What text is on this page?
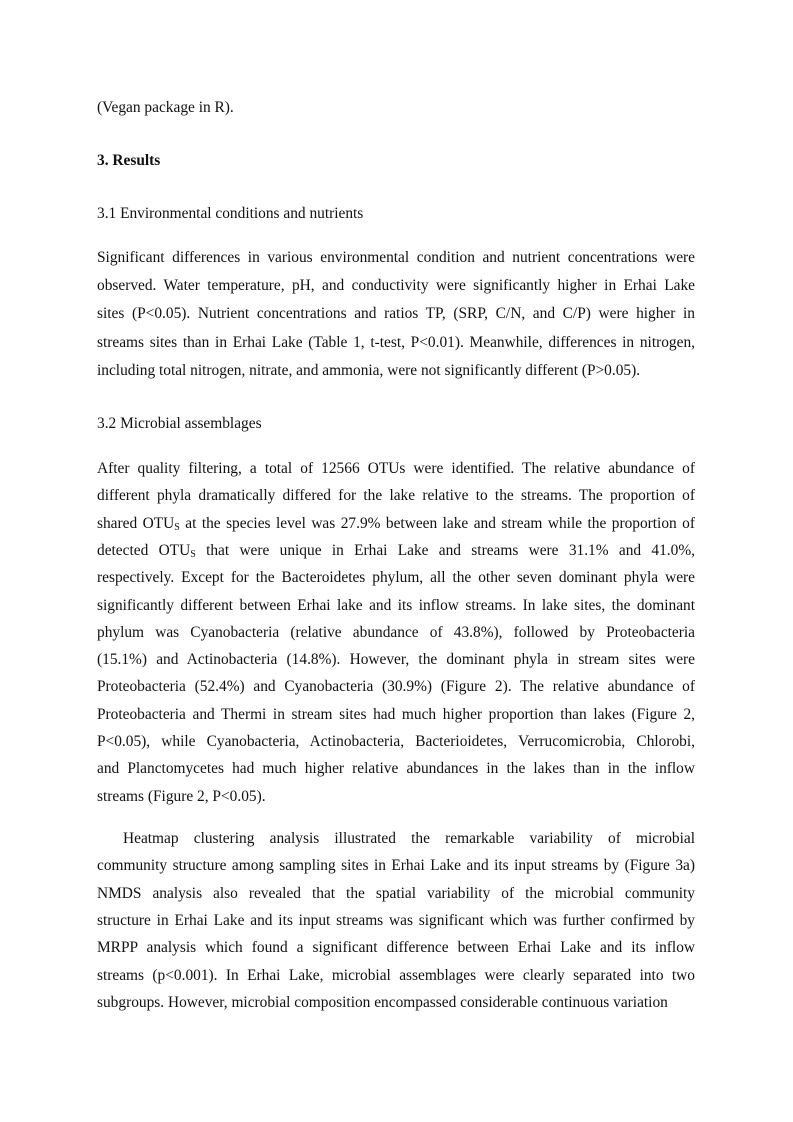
(Vegan package in R).
3. Results
3.1 Environmental conditions and nutrients
Significant differences in various environmental condition and nutrient concentrations were
observed. Water temperature, pH, and conductivity were significantly higher in Erhai Lake
sites (P<0.05). Nutrient concentrations and ratios TP, (SRP, C/N, and C/P) were higher in
streams sites than in Erhai Lake (Table 1, t-test, P<0.01). Meanwhile, differences in nitrogen,
including total nitrogen, nitrate, and ammonia, were not significantly different (P>0.05).
3.2 Microbial assemblages
After quality filtering, a total of 12566 OTUs were identified. The relative abundance of
different phyla dramatically differed for the lake relative to the streams. The proportion of
shared $OTU_S$ at the species level was 27.9% between lake and stream while the proportion of
detected $OTU_S$ that were unique in Erhai Lake and streams were 31.1% and 41.0%,
respectively. Except for the Bacteroidetes phylum, all the other seven dominant phyla were
significantly different between Erhai lake and its inflow streams. In lake sites, the dominant
phylum was Cyanobacteria (relative abundance of 43.8%), followed by Proteobacteria
(15.1%) and Actinobacteria (14.8%). However, the dominant phyla in stream sites were
Proteobacteria (52.4%) and Cyanobacteria (30.9%) (Figure 2). The relative abundance of
Proteobacteria and Thermi in stream sites had much higher proportion than lakes (Figure 2,
P<0.05), while Cyanobacteria, Actinobacteria, Bacterioidetes, Verrucomicrobia, Chlorobi,
and Planctomycetes had much higher relative abundances in the lakes than in the inflow
streams (Figure 2, P<0.05).
Heatmap clustering analysis illustrated the remarkable variability of microbial
community structure among sampling sites in Erhai Lake and its input streams by (Figure 3a)
NMDS analysis also revealed that the spatial variability of the microbial community
structure in Erhai Lake and its input streams was significant which was further confirmed by
MRPP analysis which found a significant difference between Erhai Lake and its inflow
streams (p<0.001). In Erhai Lake, microbial assemblages were clearly separated into two
subgroups. However, microbial composition encompassed considerable continuous variation
